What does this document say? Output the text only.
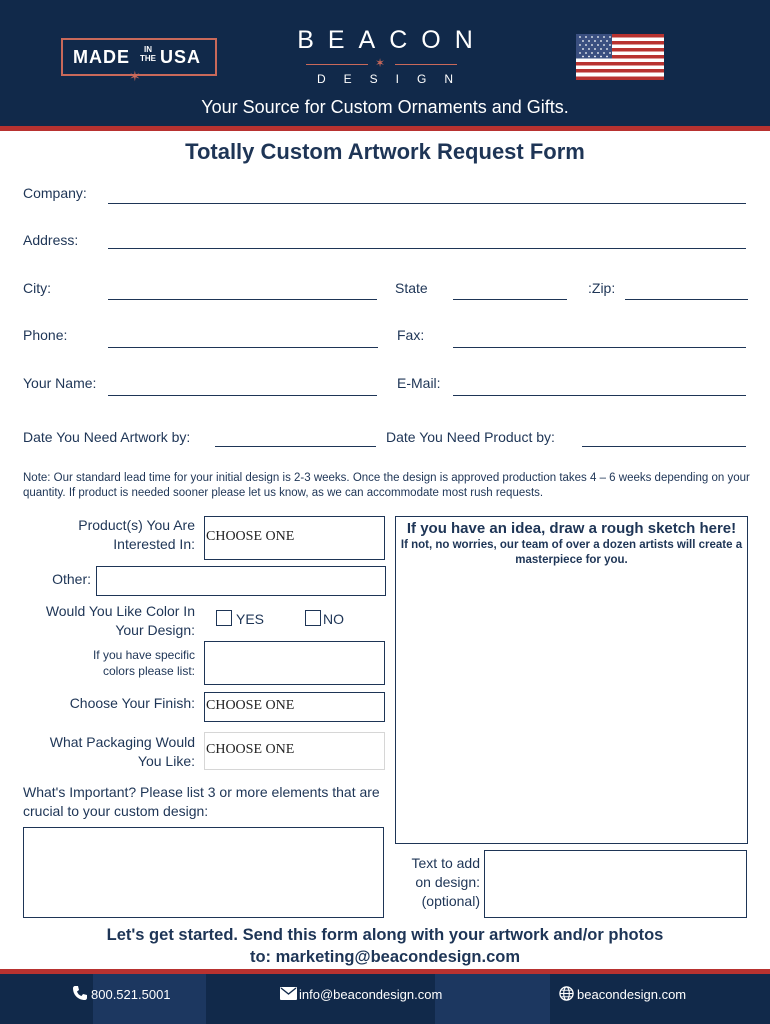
MADE	IN THE USA
✶
BEACON
✶
DESIGN
Your Source for Custom Ornaments and Gifts.
Totally Custom Artwork Request Form
Company:
Address:
City:	State	:Zip:
Phone:	Fax:
Your Name:	E-Mail:
Date You Need Artwork by:	Date You Need Product by:
Note: Our standard lead time for your initial design is 2-3 weeks. Once the design is approved production takes 4 – 6 weeks depending on your quantity. If product is needed sooner please let us know, as we can accommodate most rush requests.
Product(s) You Are Interested In: CHOOSE ONE
Other:
Would You Like Color In Your Design:
YES	NO
If you have specific colors please list:
Choose Your Finish: CHOOSE ONE
What Packaging Would You Like:
CHOOSE ONE
What's Important? Please list 3 or more elements that are crucial to your custom design:
If you have an idea, draw a rough sketch here!
If not, no worries, our team of over a dozen artists will create a masterpiece for you.
Text to add on design: (optional)
Let's get started. Send this form along with your artwork and/or photos
to: marketing@beacondesign.com
800.521.5001	info@beacondesign.com	beacondesign.com
